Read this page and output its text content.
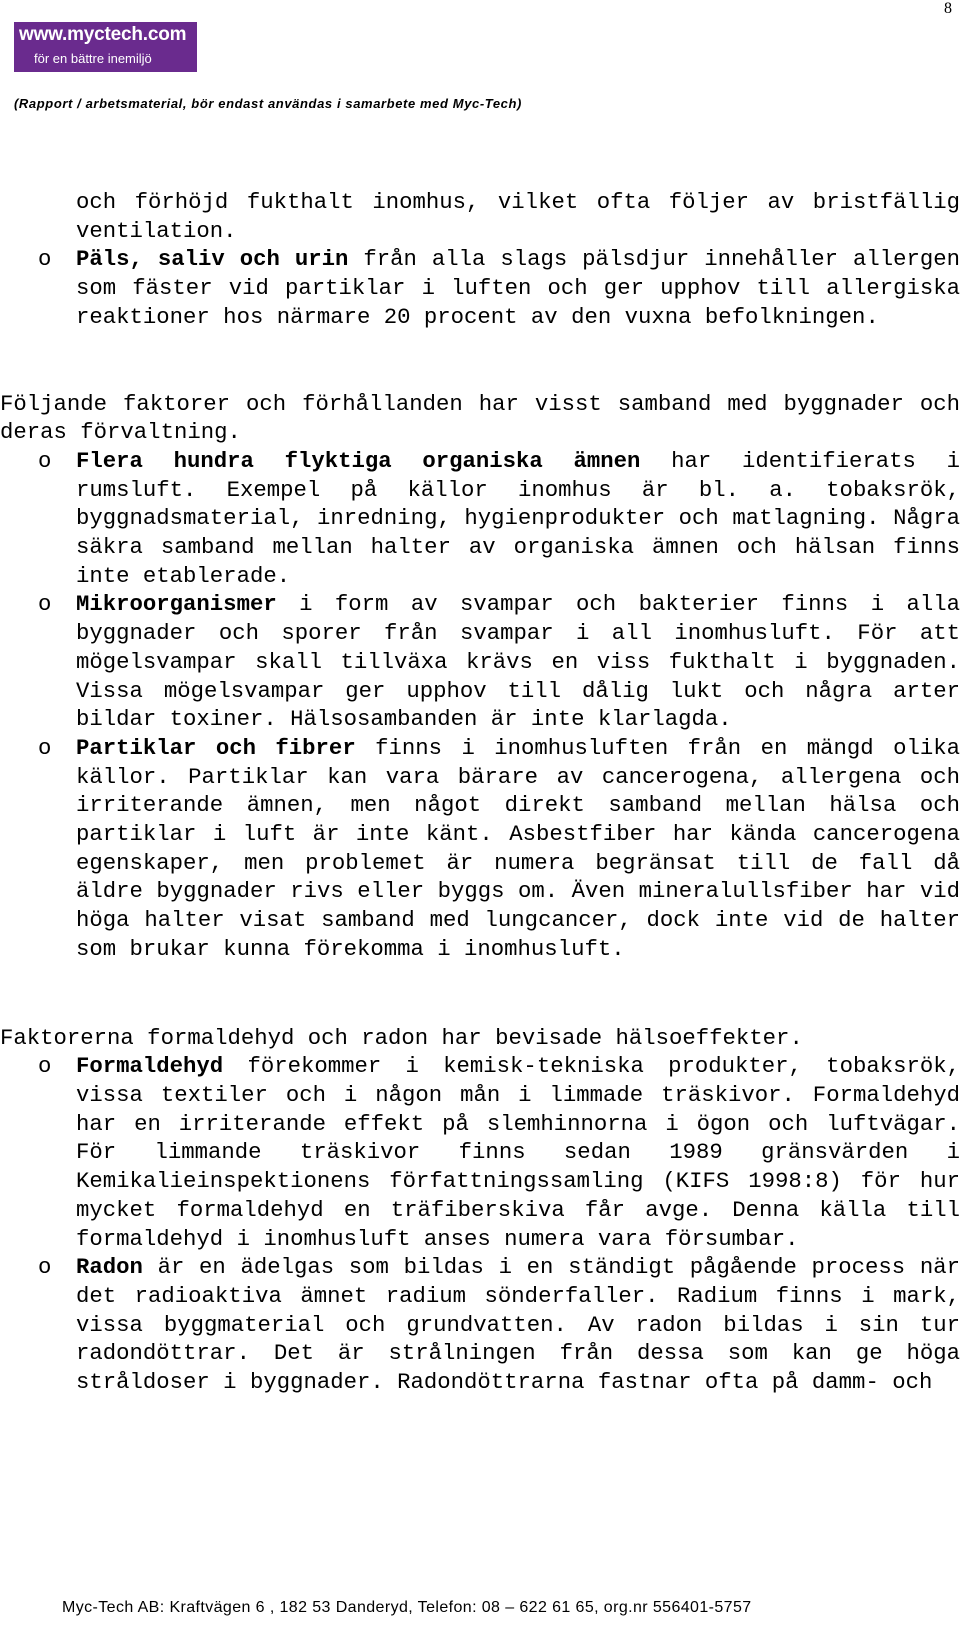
8
www.myctech.com
för en bättre inemiljö
(Rapport / arbetsmaterial, bör endast användas i samarbete med Myc-Tech)
och förhöjd fukthalt inomhus, vilket ofta följer av bristfällig ventilation.
o Päls, saliv och urin från alla slags pälsdjur innehåller allergen som fäster vid partiklar i luften och ger upphov till allergiska reaktioner hos närmare 20 procent av den vuxna befolkningen.
Följande faktorer och förhållanden har visst samband med byggnader och deras förvaltning.
o Flera hundra flyktiga organiska ämnen har identifierats i rumsluft. Exempel på källor inomhus är bl. a. tobaksrök, byggnadsmaterial, inredning, hygienprodukter och matlagning. Några säkra samband mellan halter av organiska ämnen och hälsan finns inte etablerade.
o Mikroorganismer i form av svampar och bakterier finns i alla byggnader och sporer från svampar i all inomhusluft. För att mögelsvampar skall tillväxa krävs en viss fukthalt i byggnaden. Vissa mögelsvampar ger upphov till dålig lukt och några arter bildar toxiner. Hälsosambanden är inte klarlagda.
o Partiklar och fibrer finns i inomhusluften från en mängd olika källor. Partiklar kan vara bärare av cancerogena, allergena och irriterande ämnen, men något direkt samband mellan hälsa och partiklar i luft är inte känt. Asbestfiber har kända cancerogena egenskaper, men problemet är numera begränsat till de fall då äldre byggnader rivs eller byggs om. Även mineralullsfiber har vid höga halter visat samband med lungcancer, dock inte vid de halter som brukar kunna förekomma i inomhusluft.
Faktorerna formaldehyd och radon har bevisade hälsoeffekter.
o Formaldehyd förekommer i kemisk-tekniska produkter, tobaksrök, vissa textiler och i någon mån i limmade träskivor. Formaldehyd har en irriterande effekt på slemhinnorna i ögon och luftvägar. För limmande träskivor finns sedan 1989 gränsvärden i Kemikalieinspektionens författningssamling (KIFS 1998:8) för hur mycket formaldehyd en träfiberskiva får avge. Denna källa till formaldehyd i inomhusluft anses numera vara försumbar.
o Radon är en ädelgas som bildas i en ständigt pågående process när det radioaktiva ämnet radium sönderfaller. Radium finns i mark, vissa byggmaterial och grundvatten. Av radon bildas i sin tur radondöttrar. Det är strålningen från dessa som kan ge höga stråldoser i byggnader. Radondöttrarna fastnar ofta på damm- och
Myc-Tech AB: Kraftvägen 6 , 182 53 Danderyd, Telefon: 08 – 622 61 65, org.nr 556401-5757
